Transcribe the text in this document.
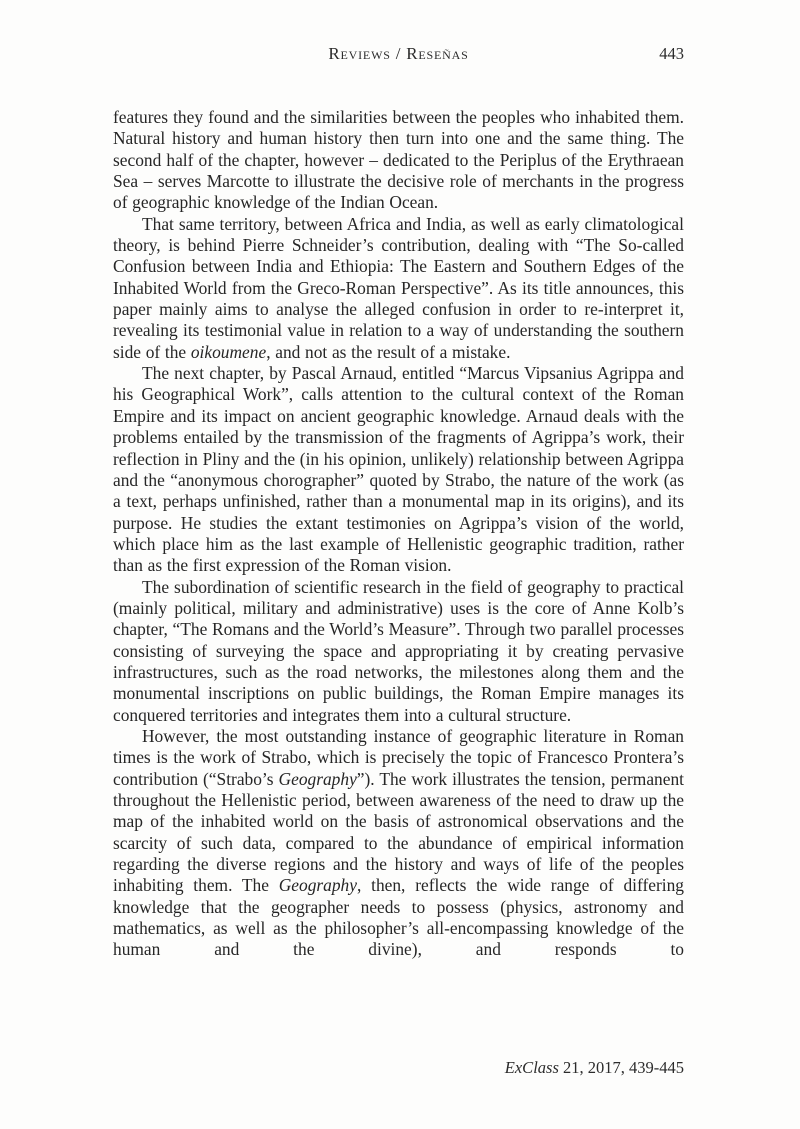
Reviews / Reseñas	443

features they found and the similarities between the peoples who inhabited them. Natural history and human history then turn into one and the same thing. The second half of the chapter, however – dedicated to the Periplus of the Erythraean Sea – serves Marcotte to illustrate the decisive role of merchants in the progress of geographic knowledge of the Indian Ocean.

That same territory, between Africa and India, as well as early climatological theory, is behind Pierre Schneider’s contribution, dealing with “The So-called Confusion between India and Ethiopia: The Eastern and Southern Edges of the Inhabited World from the Greco-Roman Perspective”. As its title announces, this paper mainly aims to analyse the alleged confusion in order to re-interpret it, revealing its testimonial value in relation to a way of understanding the southern side of the oikoumene, and not as the result of a mistake.

The next chapter, by Pascal Arnaud, entitled “Marcus Vipsanius Agrippa and his Geographical Work”, calls attention to the cultural context of the Roman Empire and its impact on ancient geographic knowledge. Arnaud deals with the problems entailed by the transmission of the fragments of Agrippa’s work, their reflection in Pliny and the (in his opinion, unlikely) relationship between Agrippa and the “anonymous chorographer” quoted by Strabo, the nature of the work (as a text, perhaps unfinished, rather than a monumental map in its origins), and its purpose. He studies the extant testimonies on Agrippa’s vision of the world, which place him as the last example of Hellenistic geographic tradition, rather than as the first expression of the Roman vision.

The subordination of scientific research in the field of geography to practical (mainly political, military and administrative) uses is the core of Anne Kolb’s chapter, “The Romans and the World’s Measure”. Through two parallel processes consisting of surveying the space and appropriating it by creating pervasive infrastructures, such as the road networks, the milestones along them and the monumental inscriptions on public buildings, the Roman Empire manages its conquered territories and integrates them into a cultural structure.

However, the most outstanding instance of geographic literature in Roman times is the work of Strabo, which is precisely the topic of Francesco Prontera’s contribution (“Strabo’s Geography”). The work illustrates the tension, permanent throughout the Hellenistic period, between awareness of the need to draw up the map of the inhabited world on the basis of astronomical observations and the scarcity of such data, compared to the abundance of empirical information regarding the diverse regions and the history and ways of life of the peoples inhabiting them. The Geography, then, reflects the wide range of differing knowledge that the geographer needs to possess (physics, astronomy and mathematics, as well as the philosopher’s all-encompassing knowledge of the human and the divine), and responds to

ExClass 21, 2017, 439-445
